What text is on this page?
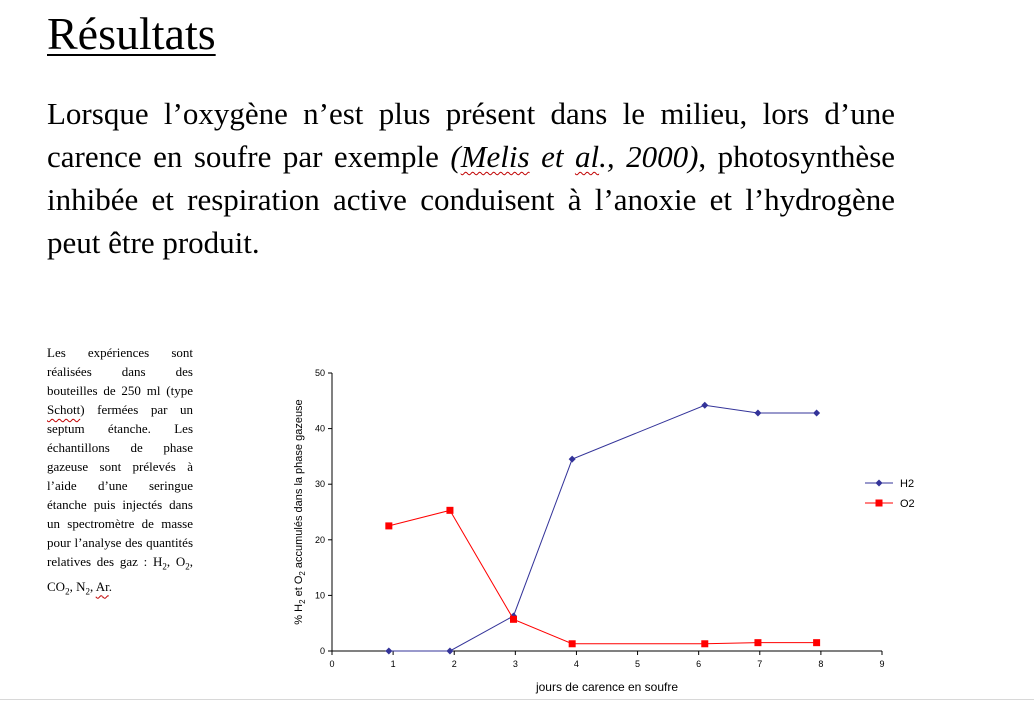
Résultats
Lorsque l’oxygène n’est plus présent dans le milieu, lors d’une carence en soufre par exemple (Melis et al., 2000), photosynthèse inhibée et respiration active conduisent à l’anoxie et l’hydrogène peut être produit.
Les expériences sont réalisées dans des bouteilles de 250 ml (type Schott) fermées par un septum étanche. Les échantillons de phase gazeuse sont prélevés à l’aide d’une seringue étanche puis injectés dans un spectromètre de masse pour l’analyse des quantités relatives des gaz : $H_2$, $O_2$, $CO_2$, $N_2$, Ar.
0
10
20
30
40
50
0	1	2	3	4	5	6	7	8	9
jours de carence en soufre
% $H_2$ et $O_2$ accumulés dans la phase gazeuse	H2
O2
